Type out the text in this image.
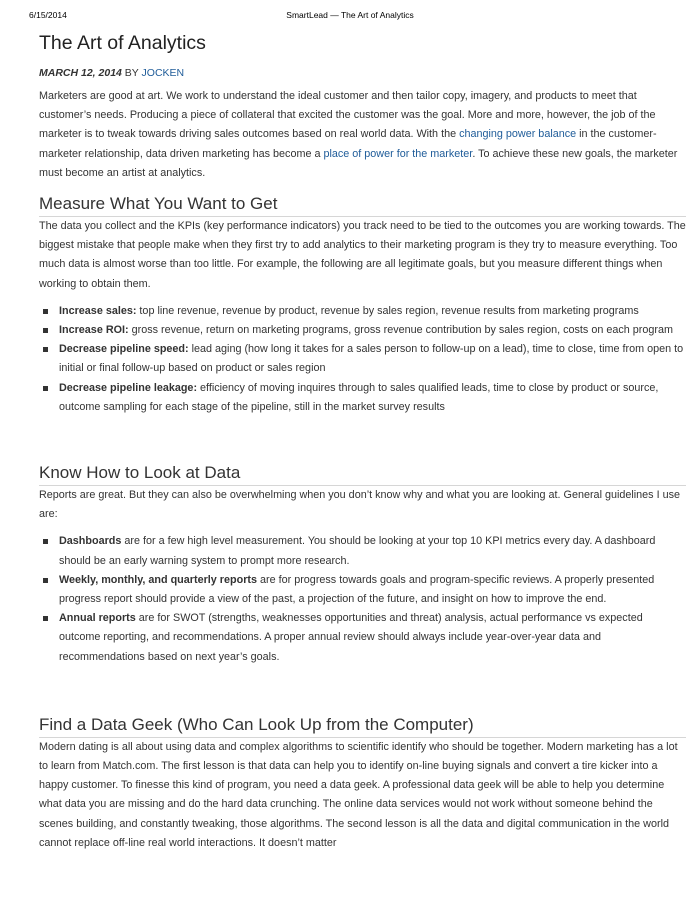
6/15/2014	SmartLead — The Art of Analytics
The Art of Analytics
MARCH 12, 2014 BY JOCKEN

Marketers are good at art. We work to understand the ideal customer and then tailor copy, imagery, and products to meet that customer’s needs. Producing a piece of collateral that excited the customer was the goal. More and more, however, the job of the marketer is to tweak towards driving sales outcomes based on real world data. With the changing power balance in the customer-marketer relationship, data driven marketing has become a place of power for the marketer. To achieve these new goals, the marketer must become an artist at analytics.

Measure What You Want to Get

The data you collect and the KPIs (key performance indicators) you track need to be tied to the outcomes you are working towards. The biggest mistake that people make when they first try to add analytics to their marketing program is they try to measure everything. Too much data is almost worse than too little. For example, the following are all legitimate goals, but you measure different things when working to obtain them.

Increase sales: top line revenue, revenue by product, revenue by sales region, revenue results from marketing programs
Increase ROI: gross revenue, return on marketing programs, gross revenue contribution by sales region, costs on each program
Decrease pipeline speed: lead aging (how long it takes for a sales person to follow-up on a lead), time to close, time from open to initial or final follow-up based on product or sales region
Decrease pipeline leakage: efficiency of moving inquires through to sales qualified leads, time to close by product or source, outcome sampling for each stage of the pipeline, still in the market survey results
Know How to Look at Data

Reports are great. But they can also be overwhelming when you don’t know why and what you are looking at. General guidelines I use are:

Dashboards are for a few high level measurement. You should be looking at your top 10 KPI metrics every day. A dashboard should be an early warning system to prompt more research.
Weekly, monthly, and quarterly reports are for progress towards goals and program-specific reviews. A properly presented progress report should provide a view of the past, a projection of the future, and insight on how to improve the end.
Annual reports are for SWOT (strengths, weaknesses opportunities and threat) analysis, actual performance vs expected outcome reporting, and recommendations. A proper annual review should always include year-over-year data and recommendations based on next year’s goals.
Find a Data Geek (Who Can Look Up from the Computer)

Modern dating is all about using data and complex algorithms to scientific identify who should be together. Modern marketing has a lot to learn from Match.com. The first lesson is that data can help you to identify on-line buying signals and convert a tire kicker into a happy customer. To finesse this kind of program, you need a data geek. A professional data geek will be able to help you determine what data you are missing and do the hard data crunching. The online data services would not work without someone behind the scenes building, and constantly tweaking, those algorithms. The second lesson is all the data and digital communication in the world cannot replace off-line real world interactions. It doesn’t matter
